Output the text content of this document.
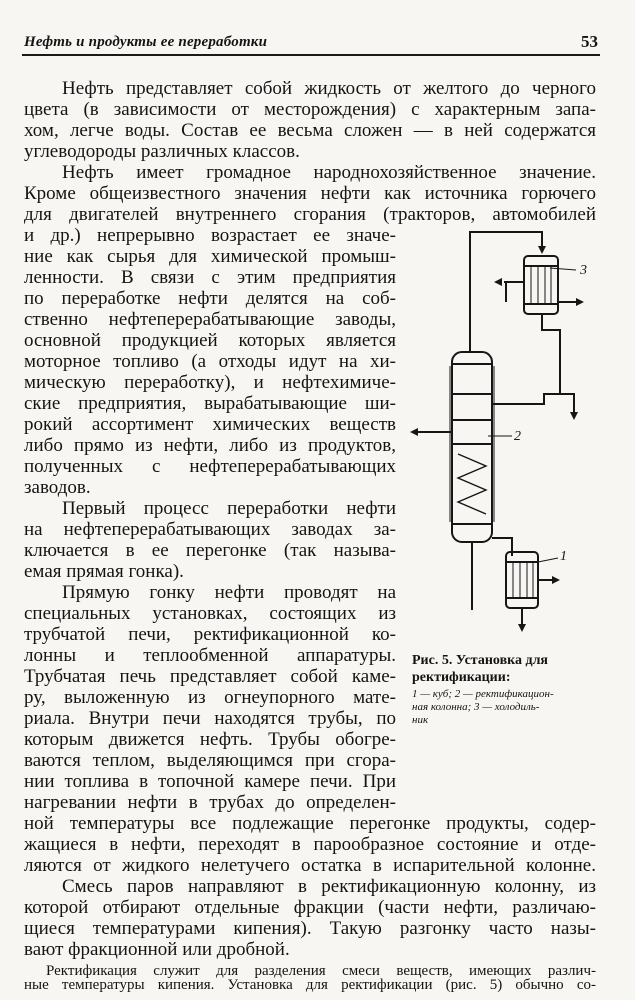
Нефть и продукты ее переработки	53
Нефть представляет собой жидкость от желтого до черного
цвета (в зависимости от месторождения) с характерным запа-
хом, легче воды. Состав ее весьма сложен — в ней содержатся
углеводороды различных классов.
Нефть имеет громадное народнохозяйственное значение.
Кроме общеизвестного значения нефти как источника горючего
для двигателей внутреннего сгорания (тракторов, автомобилей
и др.) непрерывно возрастает ее значе-
ние как сырья для химической промыш-
ленности. В связи с этим предприятия
по переработке нефти делятся на соб-
ственно нефтеперерабатывающие заводы,
основной продукцией которых является
моторное топливо (а отходы идут на хи-
мическую переработку), и нефтехимиче-
ские предприятия, вырабатывающие ши-
рокий ассортимент химических веществ
либо прямо из нефти, либо из продуктов,
полученных с нефтеперерабатывающих
заводов.
Первый процесс переработки нефти
на нефтеперерабатывающих заводах за-
ключается в ее перегонке (так называ-
емая прямая гонка).
Прямую гонку нефти проводят на
специальных установках, состоящих из
трубчатой печи, ректификационной ко-
лонны и теплообменной аппаратуры.
Трубчатая печь представляет собой каме-
ру, выложенную из огнеупорного мате-
риала. Внутри печи находятся трубы, по
которым движется нефть. Трубы обогре-
ваются теплом, выделяющимся при сгора-
нии топлива в топочной камере печи. При
нагревании нефти в трубах до определен-
ной температуры все подлежащие перегонке продукты, содер-
жащиеся в нефти, переходят в парообразное состояние и отде-
ляются от жидкого нелетучего остатка в испарительной колонне.
Смесь паров направляют в ректификационную колонну, из
которой отбирают отдельные фракции (части нефти, различаю-
щиеся температурами кипения). Такую разгонку часто назы-
вают фракционной или дробной.
Ректификация служит для разделения смеси веществ, имеющих различ-
ные температуры кипения. Установка для ректификации (рис. 5) обычно со-
3
2
1
Рис. 5. Установка для
ректификации:
1 — куб; 2 — ректификацион-
ная колонна; 3 — холодиль-
ник
